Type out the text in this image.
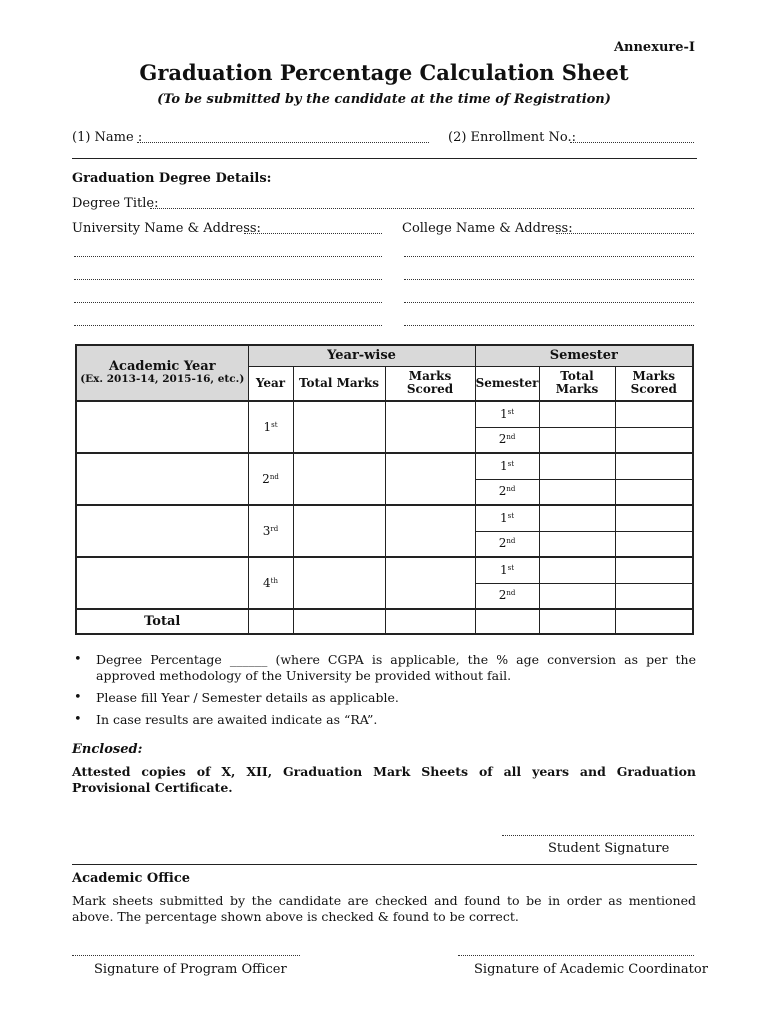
Annexure-I
Graduation Percentage Calculation Sheet
(To be submitted by the candidate at the time of Registration)
(1) Name :	(2) Enrollment No.:
Graduation Degree Details:
Degree Title:
University Name & Address:	College Name & Address:
Academic Year
(Ex. 2013-14, 2015-16, etc.)	Year-wise			Semester		
	Year	Total Marks	Marks Scored	Semester	Total Marks	Marks Scored
	1st			1st		
				2nd		
	2nd			1st		
				2nd		
	3rd			1st		
				2nd		
	4th			1st		
				2nd		
Total						
• Degree Percentage ______ (where CGPA is applicable, the % age conversion as per the approved methodology of the University be provided without fail.
• Please fill Year / Semester details as applicable.
• In case results are awaited indicate as “RA”.
Enclosed:
Attested copies of X, XII, Graduation Mark Sheets of all years and Graduation Provisional Certificate.
Student Signature
Academic Office
Mark sheets submitted by the candidate are checked and found to be in order as mentioned above. The percentage shown above is checked & found to be correct.
Signature of Program Officer	Signature of Academic Coordinator
